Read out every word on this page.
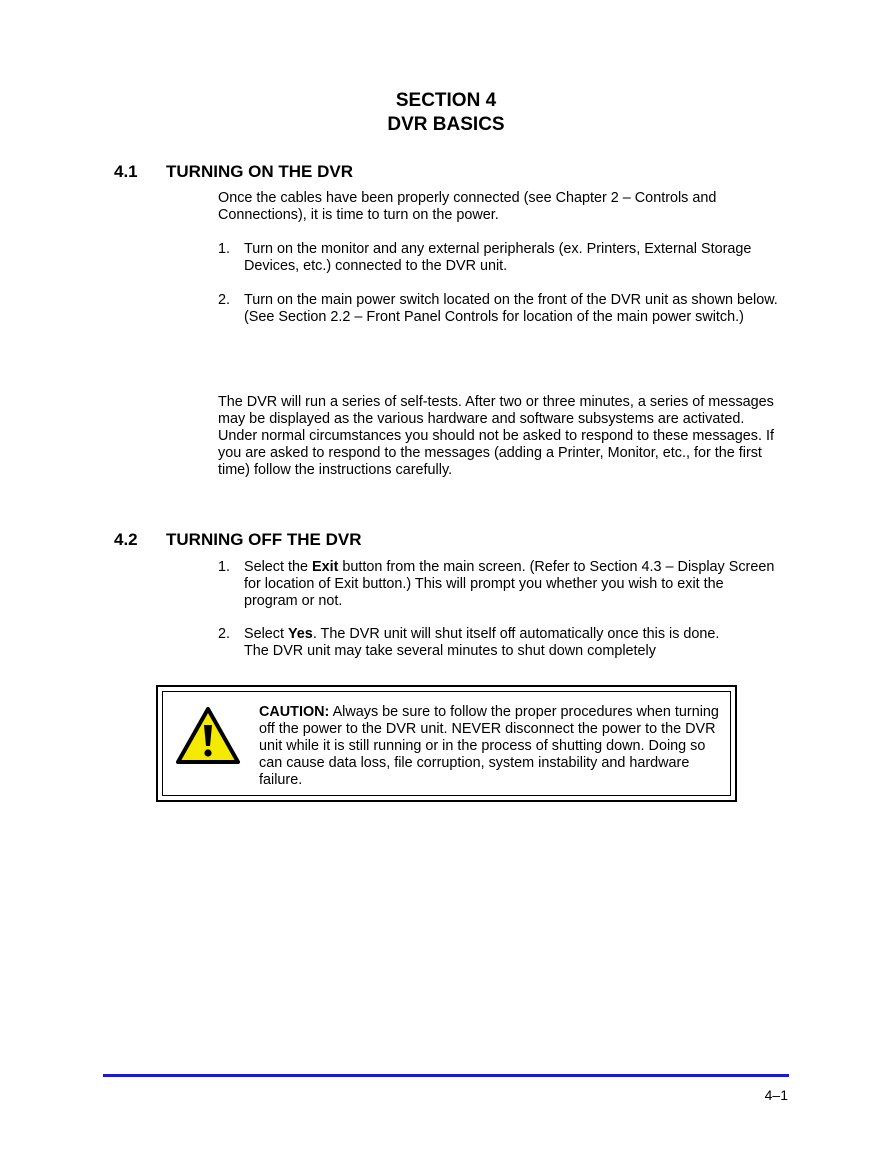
SECTION 4
DVR BASICS
4.1 TURNING ON THE DVR
Once the cables have been properly connected (see Chapter 2 – Controls and Connections), it is time to turn on the power.
1. Turn on the monitor and any external peripherals (ex. Printers, External Storage Devices, etc.) connected to the DVR unit.
2. Turn on the main power switch located on the front of the DVR unit as shown below. (See Section 2.2 – Front Panel Controls for location of the main power switch.)
The DVR will run a series of self-tests. After two or three minutes, a series of messages may be displayed as the various hardware and software subsystems are activated. Under normal circumstances you should not be asked to respond to these messages. If you are asked to respond to the messages (adding a Printer, Monitor, etc., for the first time) follow the instructions carefully.
4.2 TURNING OFF THE DVR
1. Select the Exit button from the main screen. (Refer to Section 4.3 – Display Screen for location of Exit button.) This will prompt you whether you wish to exit the program or not.
2. Select Yes. The DVR unit will shut itself off automatically once this is done.
The DVR unit may take several minutes to shut down completely
CAUTION: Always be sure to follow the proper procedures when turning off the power to the DVR unit. NEVER disconnect the power to the DVR unit while it is still running or in the process of shutting down. Doing so can cause data loss, file corruption, system instability and hardware failure.
4–1
